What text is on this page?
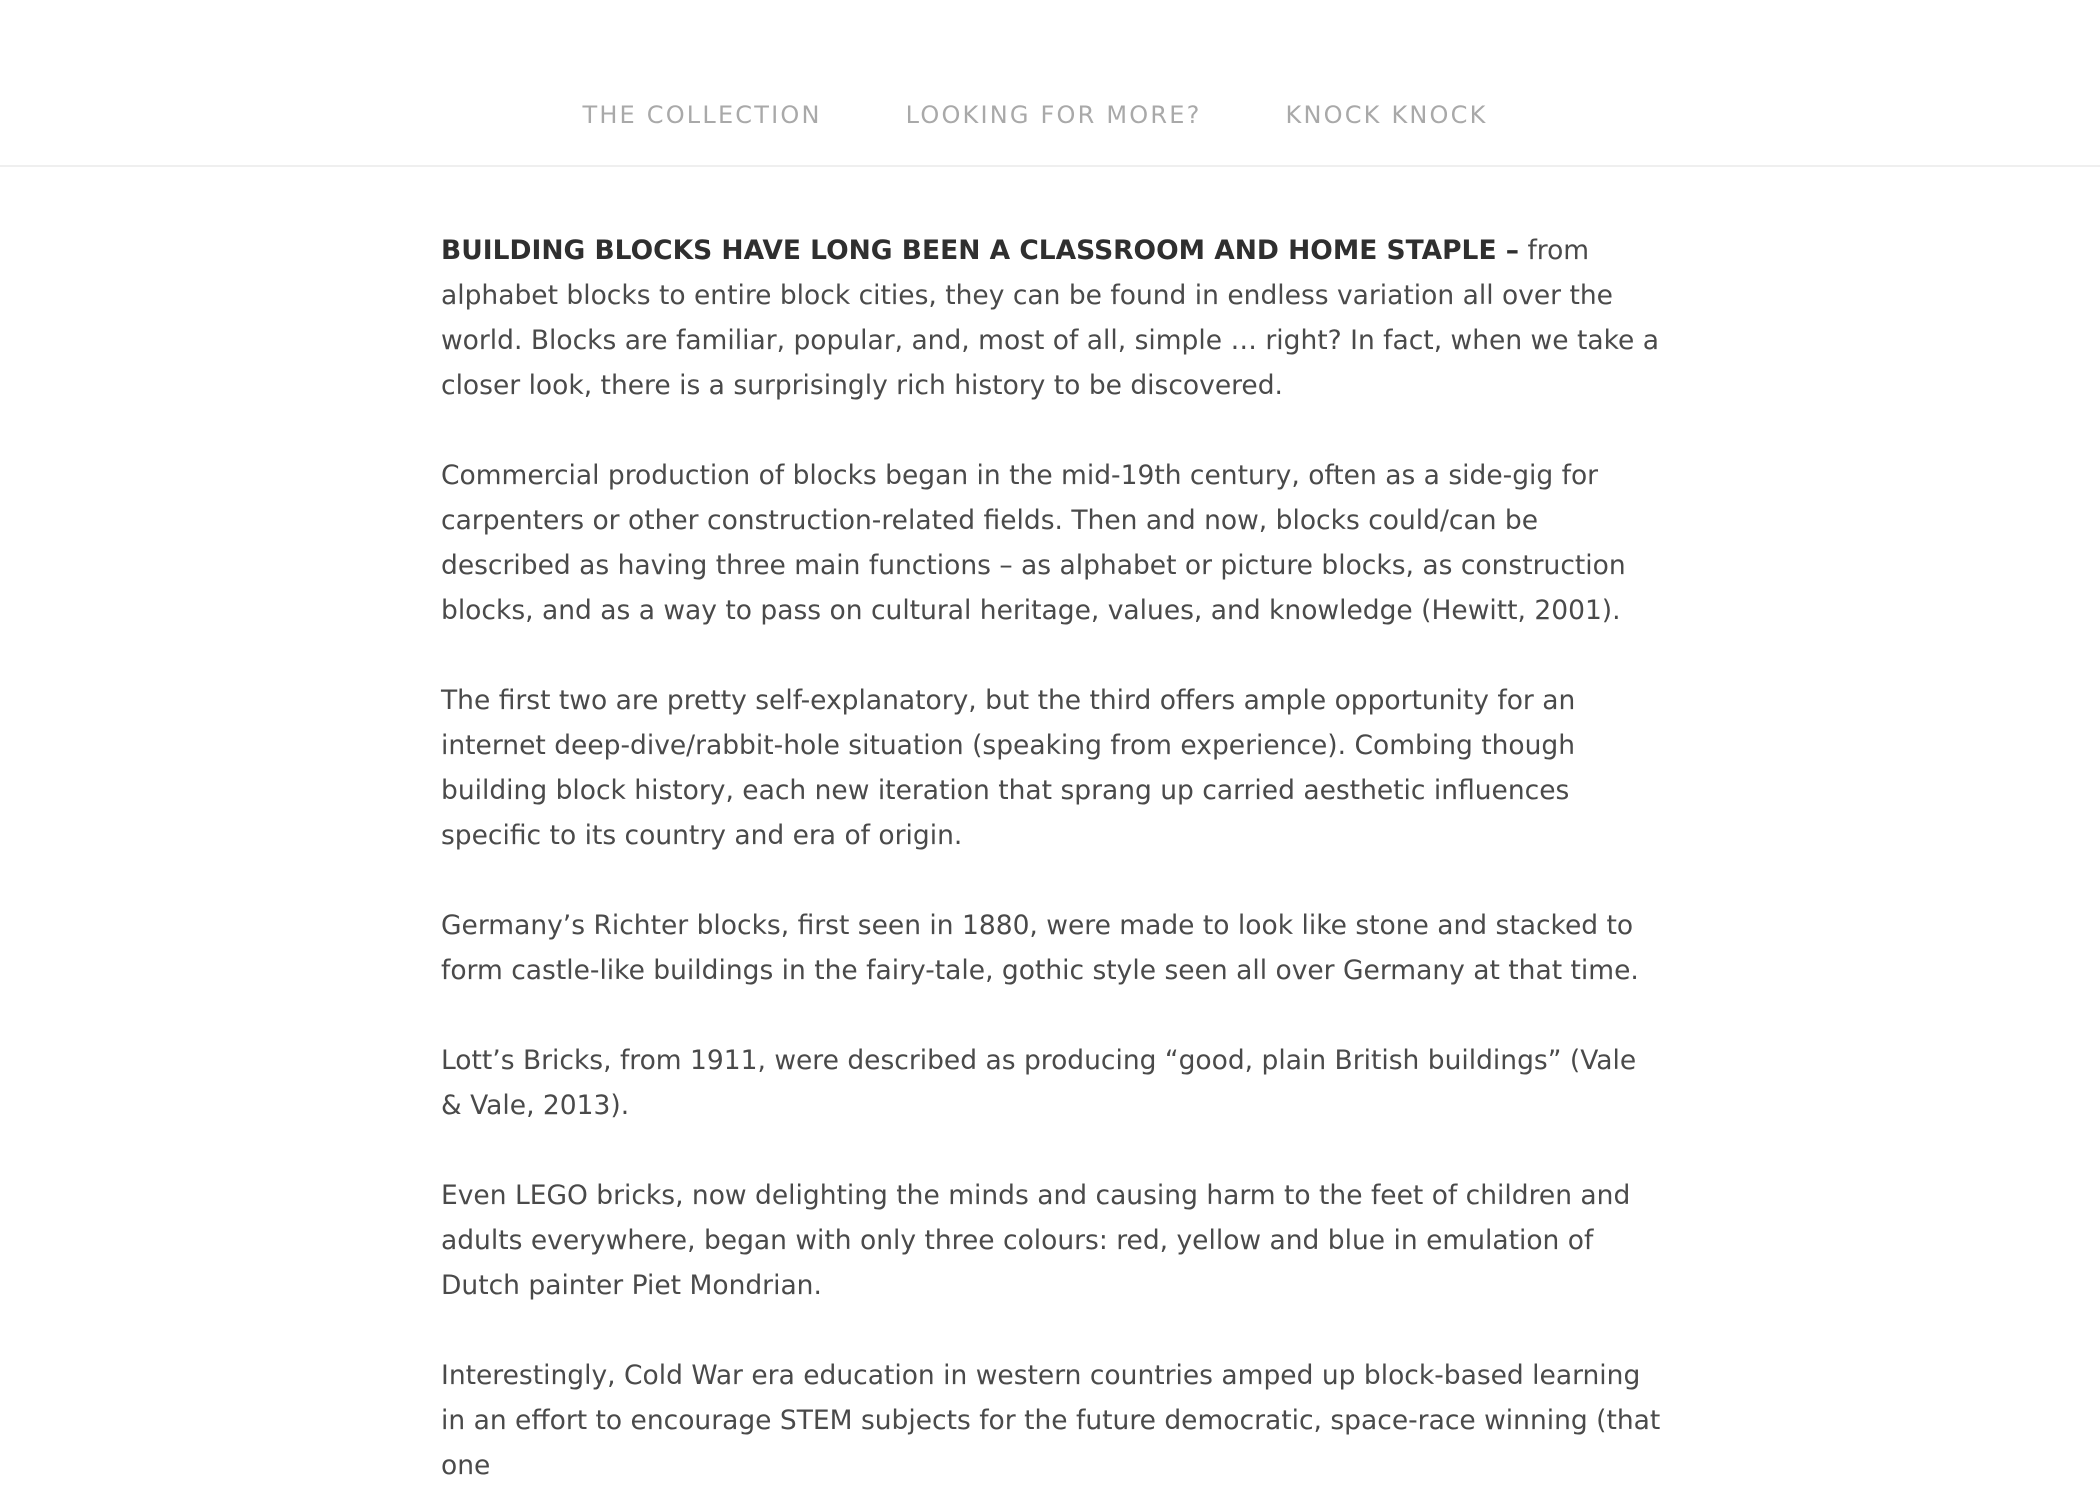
THE COLLECTION	LOOKING FOR MORE?	KNOCK KNOCK

BUILDING BLOCKS HAVE LONG BEEN A CLASSROOM AND HOME STAPLE – from alphabet blocks to entire block cities, they can be found in endless variation all over the world. Blocks are familiar, popular, and, most of all, simple … right? In fact, when we take a closer look, there is a surprisingly rich history to be discovered.

Commercial production of blocks began in the mid-19th century, often as a side-gig for carpenters or other construction-related fields. Then and now, blocks could/can be described as having three main functions – as alphabet or picture blocks, as construction blocks, and as a way to pass on cultural heritage, values, and knowledge (Hewitt, 2001).

The first two are pretty self-explanatory, but the third offers ample opportunity for an internet deep-dive/rabbit-hole situation (speaking from experience). Combing though building block history, each new iteration that sprang up carried aesthetic influences specific to its country and era of origin.

Germany’s Richter blocks, first seen in 1880, were made to look like stone and stacked to form castle-like buildings in the fairy-tale, gothic style seen all over Germany at that time.

Lott’s Bricks, from 1911, were described as producing “good, plain British buildings” (Vale & Vale, 2013).

Even LEGO bricks, now delighting the minds and causing harm to the feet of children and adults everywhere, began with only three colours: red, yellow and blue in emulation of Dutch painter Piet Mondrian.

Interestingly, Cold War era education in western countries amped up block-based learning in an effort to encourage STEM subjects for the future democratic, space-race winning (that one
